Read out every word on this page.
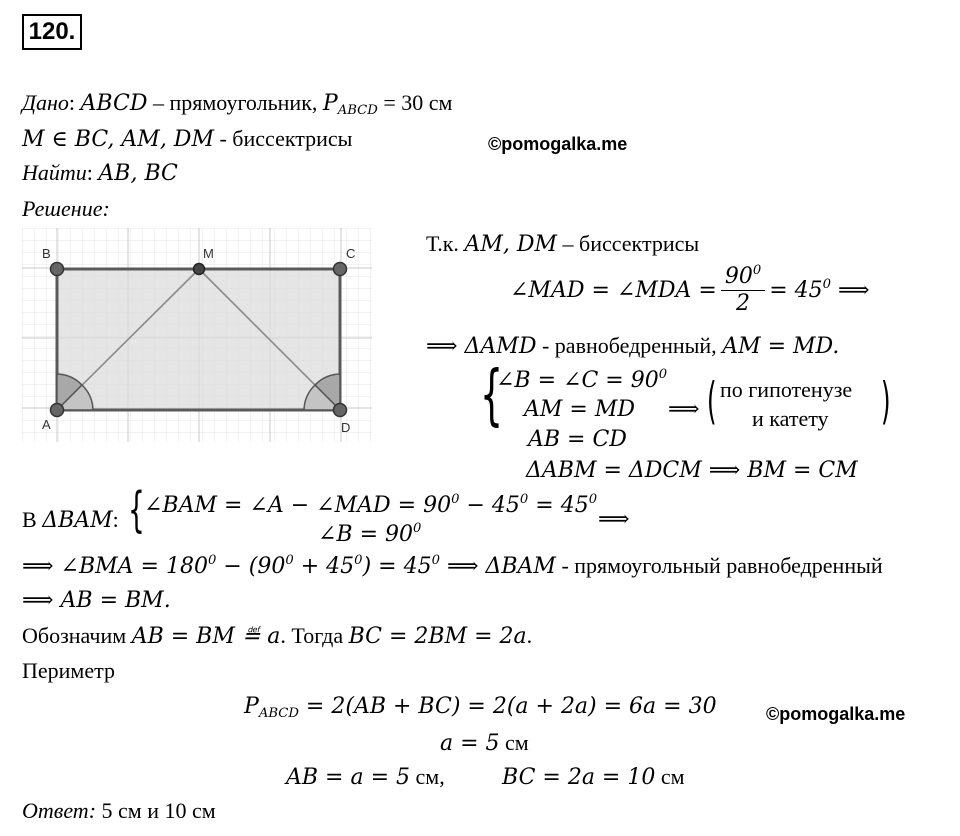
120.
Дано: ABCD – прямоугольник, $P_{ABCD} = 30$ см
M ∈ BC, AM, DM - биссектрисы	©pomogalka.me
Найти: AB, BC
Решение:
B	M	C
A	D
Т.к. AM, DM – биссектрисы
∠MAD = ∠MDA = $\frac{90^0}{2} = 45^0$ ⟹
⟹ ΔAMD - равнобедренный, AM = MD.
{
∠B = ∠C = $90^0$
AM = MD
AB = CD
⟹ ( по гипотенузе
и катету )
ΔABM = ΔDCM ⟹ BM = CM
В ΔBAM: { ∠BAM = ∠A − ∠MAD = $90^0 - 45^0 = 45^0$
∠B = $90^0$	⟹
⟹ ∠BMA = $180^0 - (90^0 + 45^0) = 45^0$ ⟹ ΔBAM - прямоугольный равнобедренный
⟹ AB = BM.
Обозначим AB = BM ≝ a. Тогда BC = 2BM = 2a.
Периметр
$P_{ABCD} = 2(AB + BC) = 2(a + 2a) = 6a = 30$	©pomogalka.me
a = 5 см
AB = a = 5 см,	BC = 2a = 10 см
Ответ: 5 см и 10 см
